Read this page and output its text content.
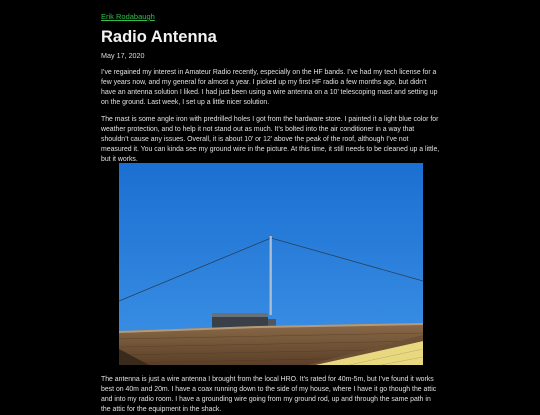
Erik Rodabaugh
Radio Antenna
May 17, 2020

I’ve regained my interest in Amateur Radio recently, especially on the HF bands. I’ve had my tech license for a few years now, and my general for almost a year. I picked up my first HF radio a few months ago, but didn’t have an antenna solution I liked. I had just been using a wire antenna on a 10’ telescoping mast and setting up on the ground. Last week, I set up a little nicer solution.

The mast is some angle iron with predrilled holes I got from the hardware store. I painted it a light blue color for weather protection, and to help it not stand out as much. It’s bolted into the air conditioner in a way that shouldn’t cause any issues. Overall, it is about 10’ or 12’ above the peak of the roof, although I’ve not measured it. You can kinda see my ground wire in the picture. At this time, it still needs to be cleaned up a little, but it works.

The antenna is just a wire antenna I brought from the local HRO. It’s rated for 40m-5m, but I’ve found it works best on 40m and 20m. I have a coax running down to the side of my house, where I have it go though the attic and into my radio room. I have a grounding wire going from my ground rod, up and through the same path in the attic for the equipment in the shack.
